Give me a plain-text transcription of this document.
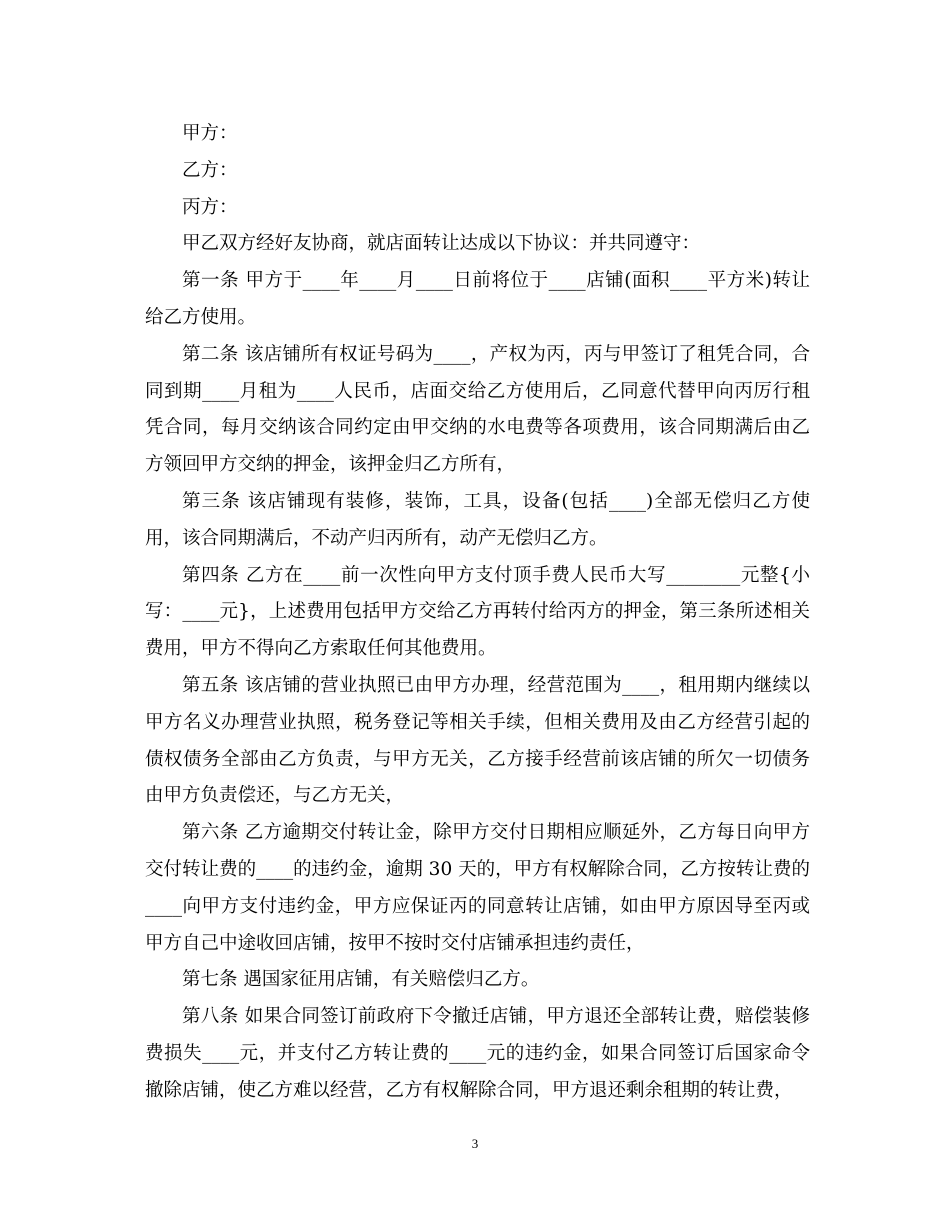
甲方：

乙方：

丙方：

甲乙双方经好友协商，就店面转让达成以下协议：并共同遵守：

第一条 甲方于____年____月____日前将位于____店铺(面积____平方米)转让给乙方使用。

第二条 该店铺所有权证号码为____，产权为丙，丙与甲签订了租凭合同，合同到期____月租为____人民币，店面交给乙方使用后，乙同意代替甲向丙厉行租凭合同，每月交纳该合同约定由甲交纳的水电费等各项费用，该合同期满后由乙方领回甲方交纳的押金，该押金归乙方所有，

第三条 该店铺现有装修，装饰，工具，设备(包括____)全部无偿归乙方使用，该合同期满后，不动产归丙所有，动产无偿归乙方。

第四条 乙方在____前一次性向甲方支付顶手费人民币大写________元整{小写：____元}，上述费用包括甲方交给乙方再转付给丙方的押金，第三条所述相关费用，甲方不得向乙方索取任何其他费用。

第五条 该店铺的营业执照已由甲方办理，经营范围为____，租用期内继续以甲方名义办理营业执照，税务登记等相关手续，但相关费用及由乙方经营引起的债权债务全部由乙方负责，与甲方无关，乙方接手经营前该店铺的所欠一切债务由甲方负责偿还，与乙方无关，

第六条 乙方逾期交付转让金，除甲方交付日期相应顺延外，乙方每日向甲方交付转让费的____的违约金，逾期 30 天的，甲方有权解除合同，乙方按转让费的____向甲方支付违约金，甲方应保证丙的同意转让店铺，如由甲方原因导至丙或甲方自己中途收回店铺，按甲不按时交付店铺承担违约责任，

第七条 遇国家征用店铺，有关赔偿归乙方。

第八条 如果合同签订前政府下令撤迁店铺，甲方退还全部转让费，赔偿装修费损失____元，并支付乙方转让费的____元的违约金，如果合同签订后国家命令撤除店铺，使乙方难以经营，乙方有权解除合同，甲方退还剩余租期的转让费，

3
